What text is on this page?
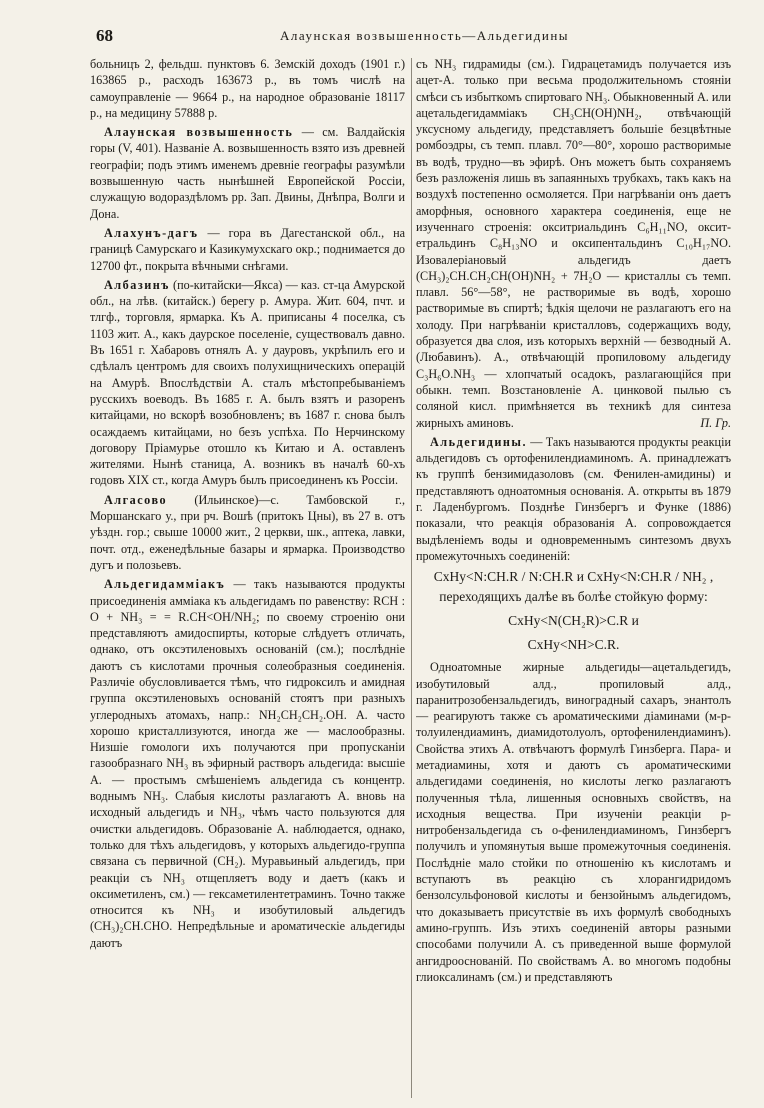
68	Алаунская возвышенность—Альдегидины

больницъ 2, фельдш. пунктовъ 6. Земскій доходъ (1901 г.) 163865 р., расходъ 163673 р., въ томъ числѣ на самоуправленіе — 9664 р., на народное образованіе 18117 р., на медицину 57888 р.

Алаунская возвышенность — см. Валдайскія горы (V, 401). Названіе А. возвышенность взято изъ древней географіи; подъ этимъ именемъ древніе географы разумѣли возвышенную часть нынѣшней Европейской Россіи, служащую водораздѣломъ рр. Зап. Двины, Днѣпра, Волги и Дона.

Алахунъ-дагъ — гора въ Дагестанской обл., на границѣ Самурскаго и Казикумухскаго окр.; поднимается до 12700 фт., покрыта вѣчными снѣгами.

Албазинъ (по-китайски—Якса) — каз. ст-ца Амурской обл., на лѣв. (китайск.) берегу р. Амура. Жит. 604, пчт. и тлгф., торговля, ярмарка. Къ А. приписаны 4 поселка, съ 1103 жит. А., какъ даурское поселеніе, существовалъ давно. Въ 1651 г. Хабаровъ отнялъ А. у дауровъ, укрѣпилъ его и сдѣлалъ центромъ для своихъ полухищническихъ операцій на Амурѣ. Впослѣдствіи А. сталъ мѣстопребываніемъ русскихъ воеводъ. Въ 1685 г. А. былъ взятъ и разоренъ китайцами, но вскорѣ возобновленъ; въ 1687 г. снова былъ осаждаемъ китайцами, но безъ успѣха. По Нерчинскому договору Пріамурье отошло къ Китаю и А. оставленъ жителями. Нынѣ станица, А. возникъ въ началѣ 60-хъ годовъ XIX ст., когда Амуръ былъ присоединенъ къ Россіи.

Алгасово (Ильинское)—с. Тамбовской г., Моршанскаго у., при рч. Вошѣ (притокъ Цны), въ 27 в. отъ уѣздн. гор.; свыше 10000 жит., 2 церкви, шк., аптека, лавки, почт. отд., еженедѣльные базары и ярмарка. Производство дугъ и полозьевъ.

Альдегидаммiакъ — такъ называются продукты присоединенія аммiака къ альдегидамъ по равенству: RCH : O + NH₃ = = R.CH<OH/NH₂; по своему строенію они представляютъ амидоспирты, которые слѣдуетъ отличать, однако, отъ оксэтиленовыхъ основаній (см.); послѣдніе даютъ съ кислотами прочныя солеобразныя соединенія. Различіе обусловливается тѣмъ, что гидроксилъ и амидная группа оксэтиленовыхъ основаній стоятъ при разныхъ углеродныхъ атомахъ, напр.: NH₂CH₂CH₂.OH. А. часто хорошо кристаллизуются, иногда же — маслообразны. Низшіе гомологи ихъ получаются при пропусканіи газообразнаго NH₃ въ эфирный растворъ альдегида: высшіе А. — простымъ смѣшеніемъ альдегида съ концентр. воднымъ NH₃. Слабыя кислоты разлагаютъ А. вновь на исходный альдегидъ и NH₃, чѣмъ часто пользуются для очистки альдегидовъ. Образованіе А. наблюдается, однако, только для тѣхъ альдегидовъ, у которыхъ альдегидо-группа связана съ первичной (CH₂). Муравьиный альдегидъ, при реакціи съ NH₃ отщепляетъ воду и даетъ (какъ и оксиметиленъ, см.) — гексаметилентетраминъ. Точно также относится къ NH₃ и изобутиловый альдегидъ (CH₃)₂CH.CHO. Непредѣльные и ароматическіе альдегиды даютъ

съ NH₃ гидрамиды (см.). Гидрацетамидъ получается изъ ацет-А. только при весьма продолжительномъ стояніи смѣси съ избыткомъ спиртоваго NH₃. Обыкновенный А. или ацетальдегидаммiакъ CH₃CH(OH)NH₂, отвѣчающій уксусному альдегиду, представляетъ большіе безцвѣтные ромбоэдры, съ темп. плавл. 70°—80°, хорошо растворимые въ водѣ, трудно—въ эфирѣ. Онъ можетъ быть сохраняемъ безъ разложенія лишь въ запаянныхъ трубкахъ, такъ какъ на воздухѣ постепенно осмоляется. При нагрѣваніи онъ даетъ аморфныя, основного характера соединенія, еще не изученнаго строенія: окситриальдинъ C₆H₁₁NO, окситетральдинъ C₈H₁₃NO и оксипентальдинъ C₁₀H₁₇NO. Изовалеріановый альдегидъ даетъ (CH₃)₂CH.CH₂CH(OH)NH₂ + 7H₂O — кристаллы съ темп. плавл. 56°—58°, не растворимые въ водѣ, хорошо растворимые въ спиртѣ; ѣдкія щелочи не разлагаютъ его на холоду. При нагрѣваніи кристалловъ, содержащихъ воду, образуется два слоя, изъ которыхъ верхній — безводный А. (Любавинъ). А., отвѣчающій пропиловому альдегиду C₃H₆O.NH₃ — хлопчатый осадокъ, разлагающійся при обыкн. темп. Возстановленіе А. цинковой пылью съ соляной кисл. примѣняется въ техникѣ для синтеза жирныхъ аминовъ.	П. Гр.

Альдегидины. — Такъ называются продукты реакціи альдегидовъ съ ортофенилендиаминомъ. А. принадлежатъ къ группѣ бензимидазоловъ (см. Фенилен-амидины) и представляютъ одноатомныя основанія. А. открыты въ 1879 г. Ладенбургомъ. Позднѣе Гинзбергъ и Функе (1886) показали, что реакція образованія А. сопровождается выдѣленіемъ воды и одновременнымъ синтезомъ двухъ промежуточныхъ соединеній:

CxHy<N:CH.R / N:CH.R и CxHy<N:CH.R / NH₂ , переходящихъ далѣе въ болѣе стойкую форму:
CxHy<N(CH₂R)>C.R и
CxHy<NH>C.R.

Одноатомные жирные альдегиды—ацетальдегидъ, изобутиловый алд., пропиловый алд., паранитрозобензальдегидъ, виноградный сахаръ, энантолъ — реагируютъ также съ ароматическими діаминами (м-р-толуилендиаминъ, диамидотолуолъ, ортофенилендиаминъ). Свойства этихъ А. отвѣчаютъ формулѣ Гинзберга. Пара- и метадиамины, хотя и даютъ съ ароматическими альдегидами соединенія, но кислоты легко разлагаютъ полученныя тѣла, лишенныя основныхъ свойствъ, на исходныя вещества. При изученіи реакціи р-нитробензальдегида съ о-фенилендиаминомъ, Гинзбергъ получилъ и упомянутыя выше промежуточныя соединенія. Послѣдніе мало стойки по отношенію къ кислотамъ и вступаютъ въ реакцію съ хлорангидридомъ бензолсульфоновой кислоты и бензойнымъ альдегидомъ, что доказываетъ присутствіе въ ихъ формулѣ свободныхъ амино-группъ. Изъ этихъ соединеній авторы разными способами получили А. съ приведенной выше формулой ангидрооснованій. По свойствамъ А. во многомъ подобны глиоксалинамъ (см.) и представляютъ
